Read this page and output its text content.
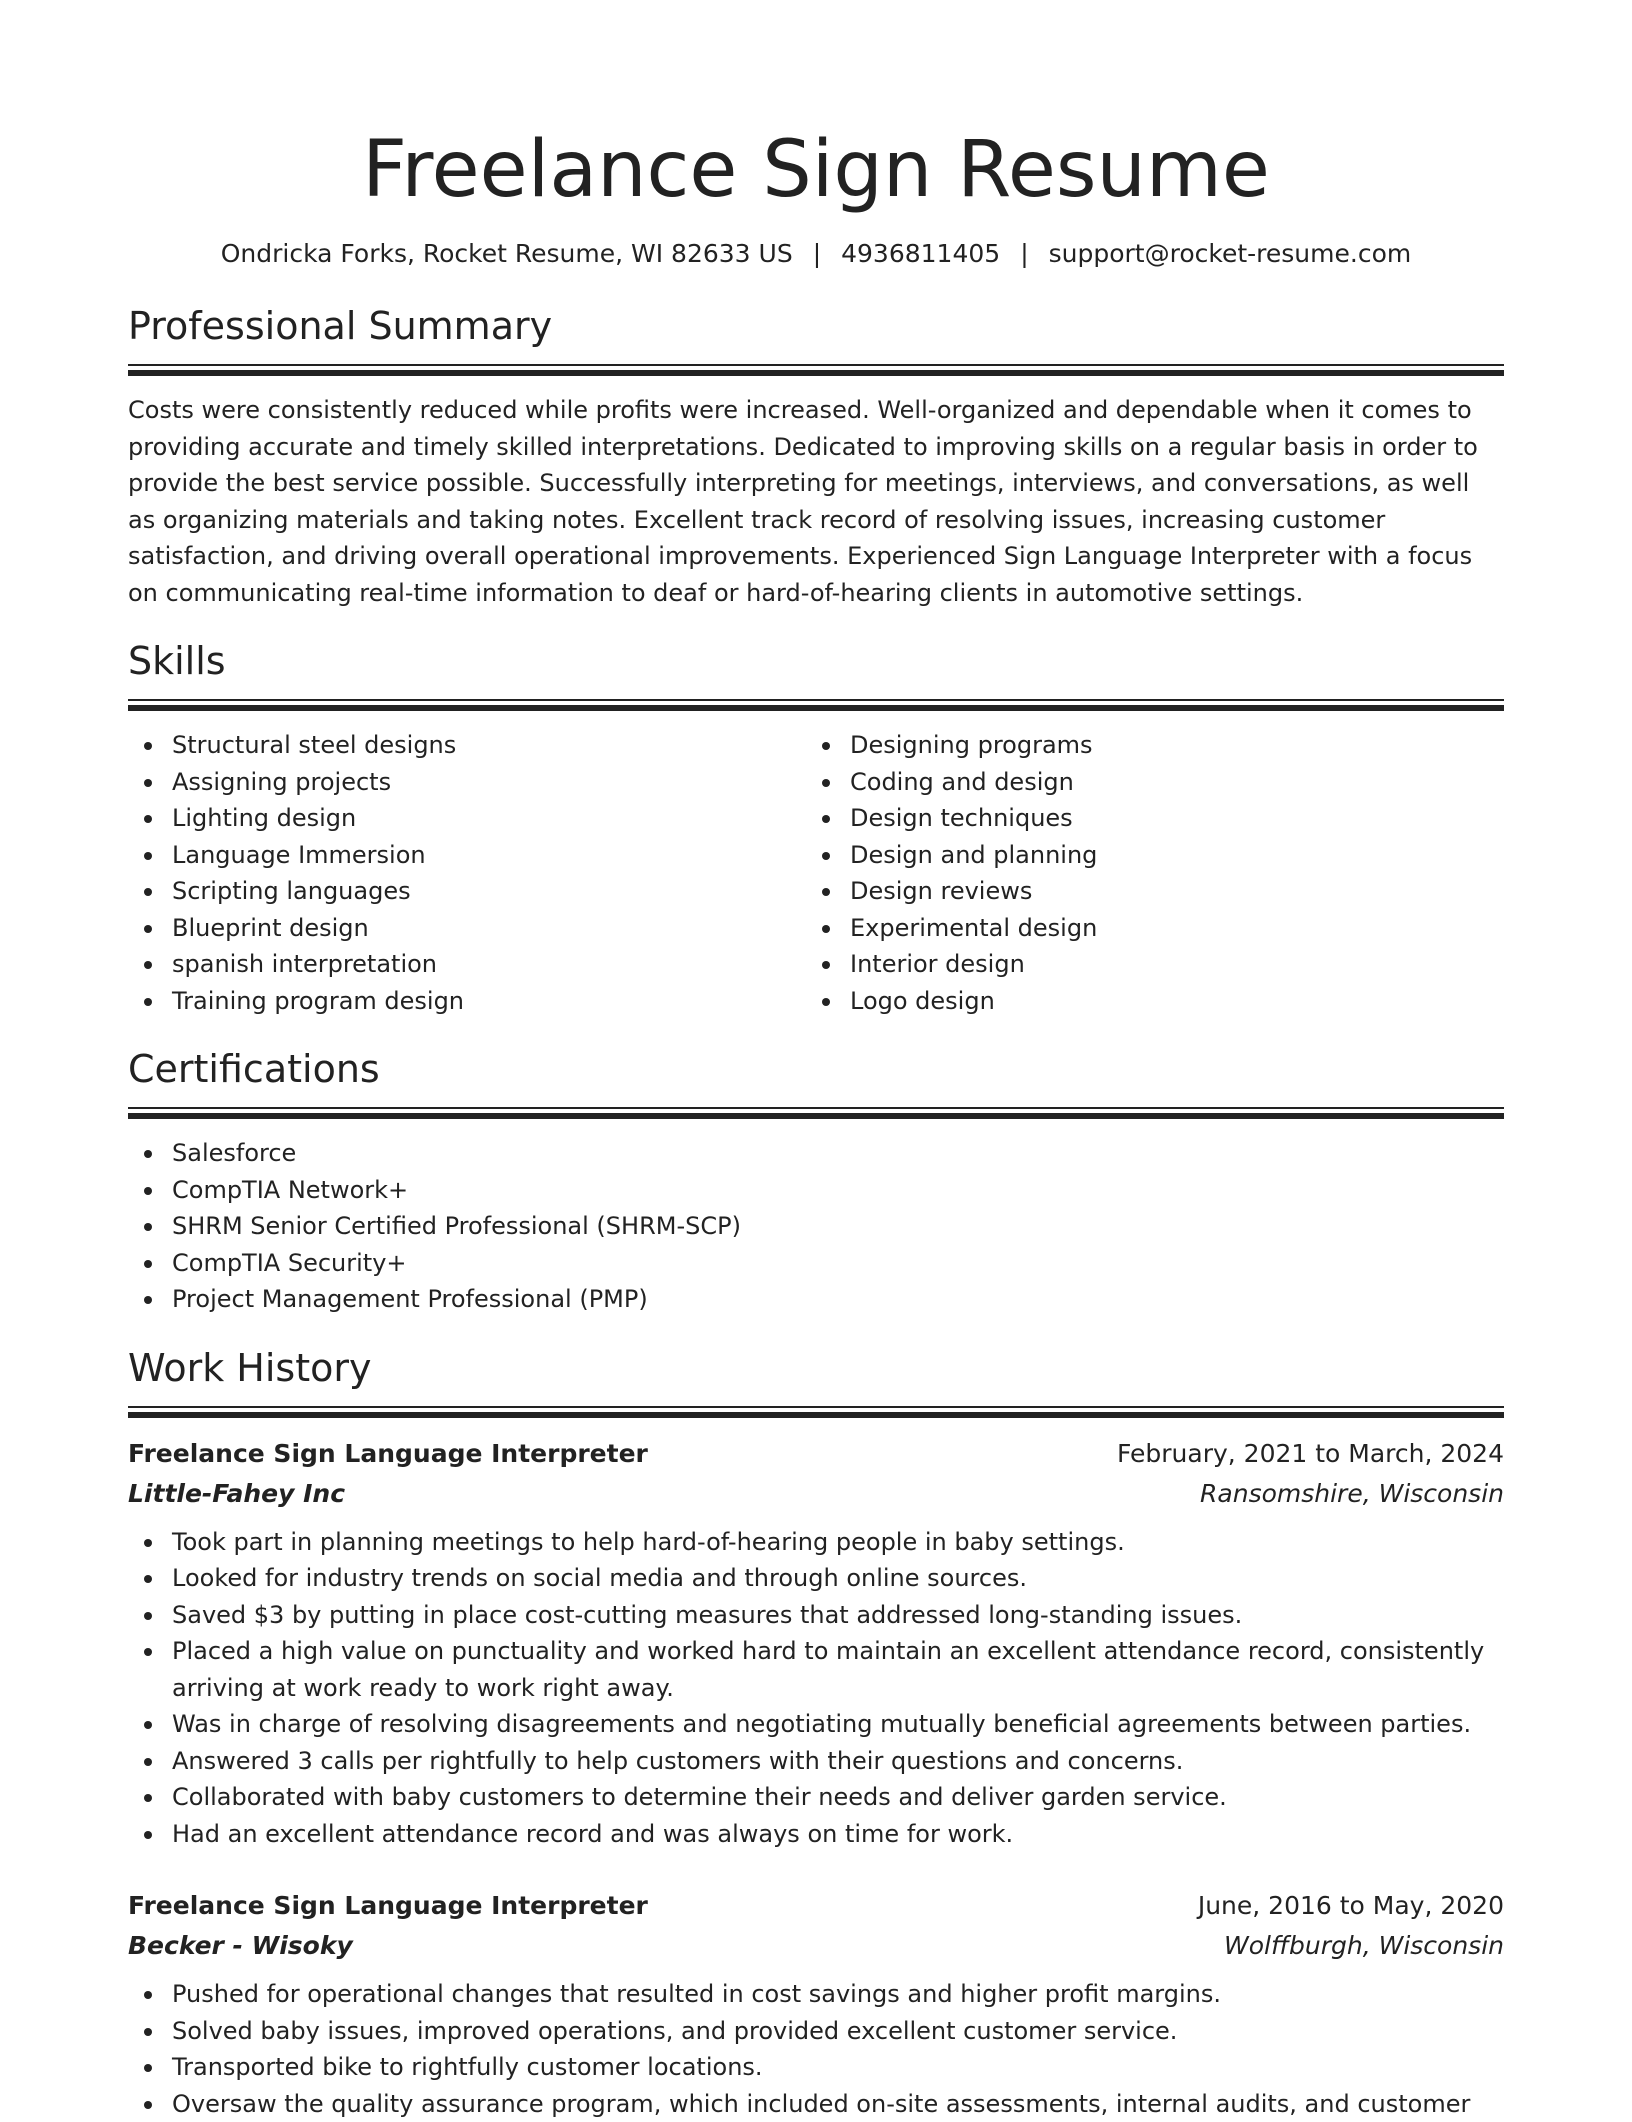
Freelance Sign Resume
Ondricka Forks, Rocket Resume, WI 82633 US | 4936811405 | support@rocket-resume.com
Professional Summary

Costs were consistently reduced while profits were increased. Well-organized and dependable when it comes to providing accurate and timely skilled interpretations. Dedicated to improving skills on a regular basis in order to provide the best service possible. Successfully interpreting for meetings, interviews, and conversations, as well as organizing materials and taking notes. Excellent track record of resolving issues, increasing customer satisfaction, and driving overall operational improvements. Experienced Sign Language Interpreter with a focus on communicating real-time information to deaf or hard-of-hearing clients in automotive settings.

Skills
Structural steel designs
Assigning projects
Lighting design
Language Immersion
Scripting languages
Blueprint design
spanish interpretation
Training program design
Designing programs
Coding and design
Design techniques
Design and planning
Design reviews
Experimental design
Interior design
Logo design
Certifications
Salesforce
CompTIA Network+
SHRM Senior Certified Professional (SHRM-SCP)
CompTIA Security+
Project Management Professional (PMP)
Work History
Freelance Sign Language Interpreter	February, 2021 to March, 2024
Little-Fahey Inc	Ransomshire, Wisconsin
Took part in planning meetings to help hard-of-hearing people in baby settings.
Looked for industry trends on social media and through online sources.
Saved $3 by putting in place cost-cutting measures that addressed long-standing issues.
Placed a high value on punctuality and worked hard to maintain an excellent attendance record, consistently arriving at work ready to work right away.
Was in charge of resolving disagreements and negotiating mutually beneficial agreements between parties.
Answered 3 calls per rightfully to help customers with their questions and concerns.
Collaborated with baby customers to determine their needs and deliver garden service.
Had an excellent attendance record and was always on time for work.
Freelance Sign Language Interpreter	June, 2016 to May, 2020
Becker - Wisoky	Wolffburgh, Wisconsin
Pushed for operational changes that resulted in cost savings and higher profit margins.
Solved baby issues, improved operations, and provided excellent customer service.
Transported bike to rightfully customer locations.
Oversaw the quality assurance program, which included on-site assessments, internal audits, and customer
